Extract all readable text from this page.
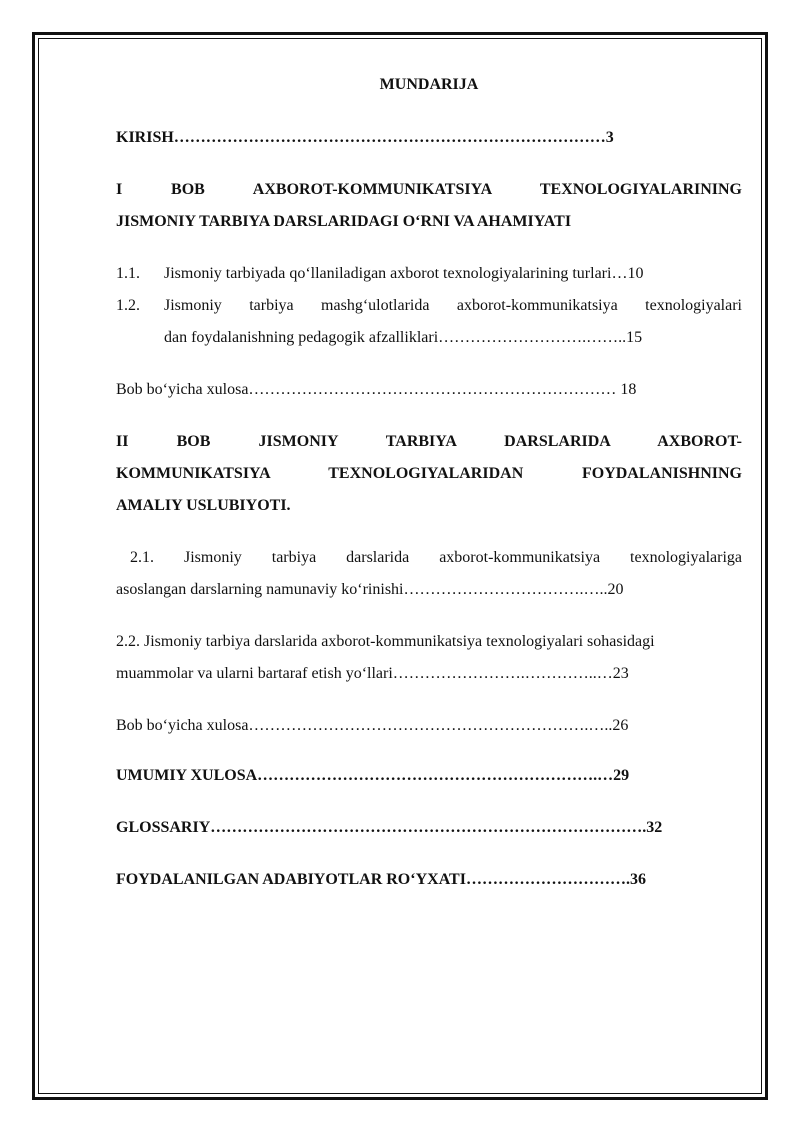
MUNDARIJA
KIRISH………………………………………………………………………3
I BOB AXBOROT-KOMMUNIKATSIYA TEXNOLOGIYALARINING
JISMONIY TARBIYA DARSLARIDAGI O‘RNI VA AHAMIYATI
1.1. Jismoniy tarbiyada qo‘llaniladigan axborot texnologiyalarining turlari…10
1.2. Jismoniy tarbiya mashg‘ulotlarida axborot-kommunikatsiya texnologiyalari
dan foydalanishning pedagogik afzalliklari……………………….……..15
Bob bo‘yicha xulosa…………………………………………………………… 18
II BOB JISMONIY TARBIYA DARSLARIDA AXBOROT-
KOMMUNIKATSIYA TEXNOLOGIYALARIDAN FOYDALANISHNING
AMALIY USLUBIYOTI.
2.1. Jismoniy tarbiya darslarida axborot-kommunikatsiya texnologiyalariga
asoslangan darslarning namunaviy ko‘rinishi…………………………….…..20
2.2. Jismoniy tarbiya darslarida axborot-kommunikatsiya texnologiyalari sohasidagi
muammolar va ularni bartaraf etish yo‘llari…………………….…………..…23
Bob bo‘yicha xulosa……………………………………………………….…..26
UMUMIY XULOSA……………………………………………………….…29
GLOSSARIY……………………………………………………………………….32
FOYDALANILGAN ADABIYOTLAR RO‘YXATI………………………….36
